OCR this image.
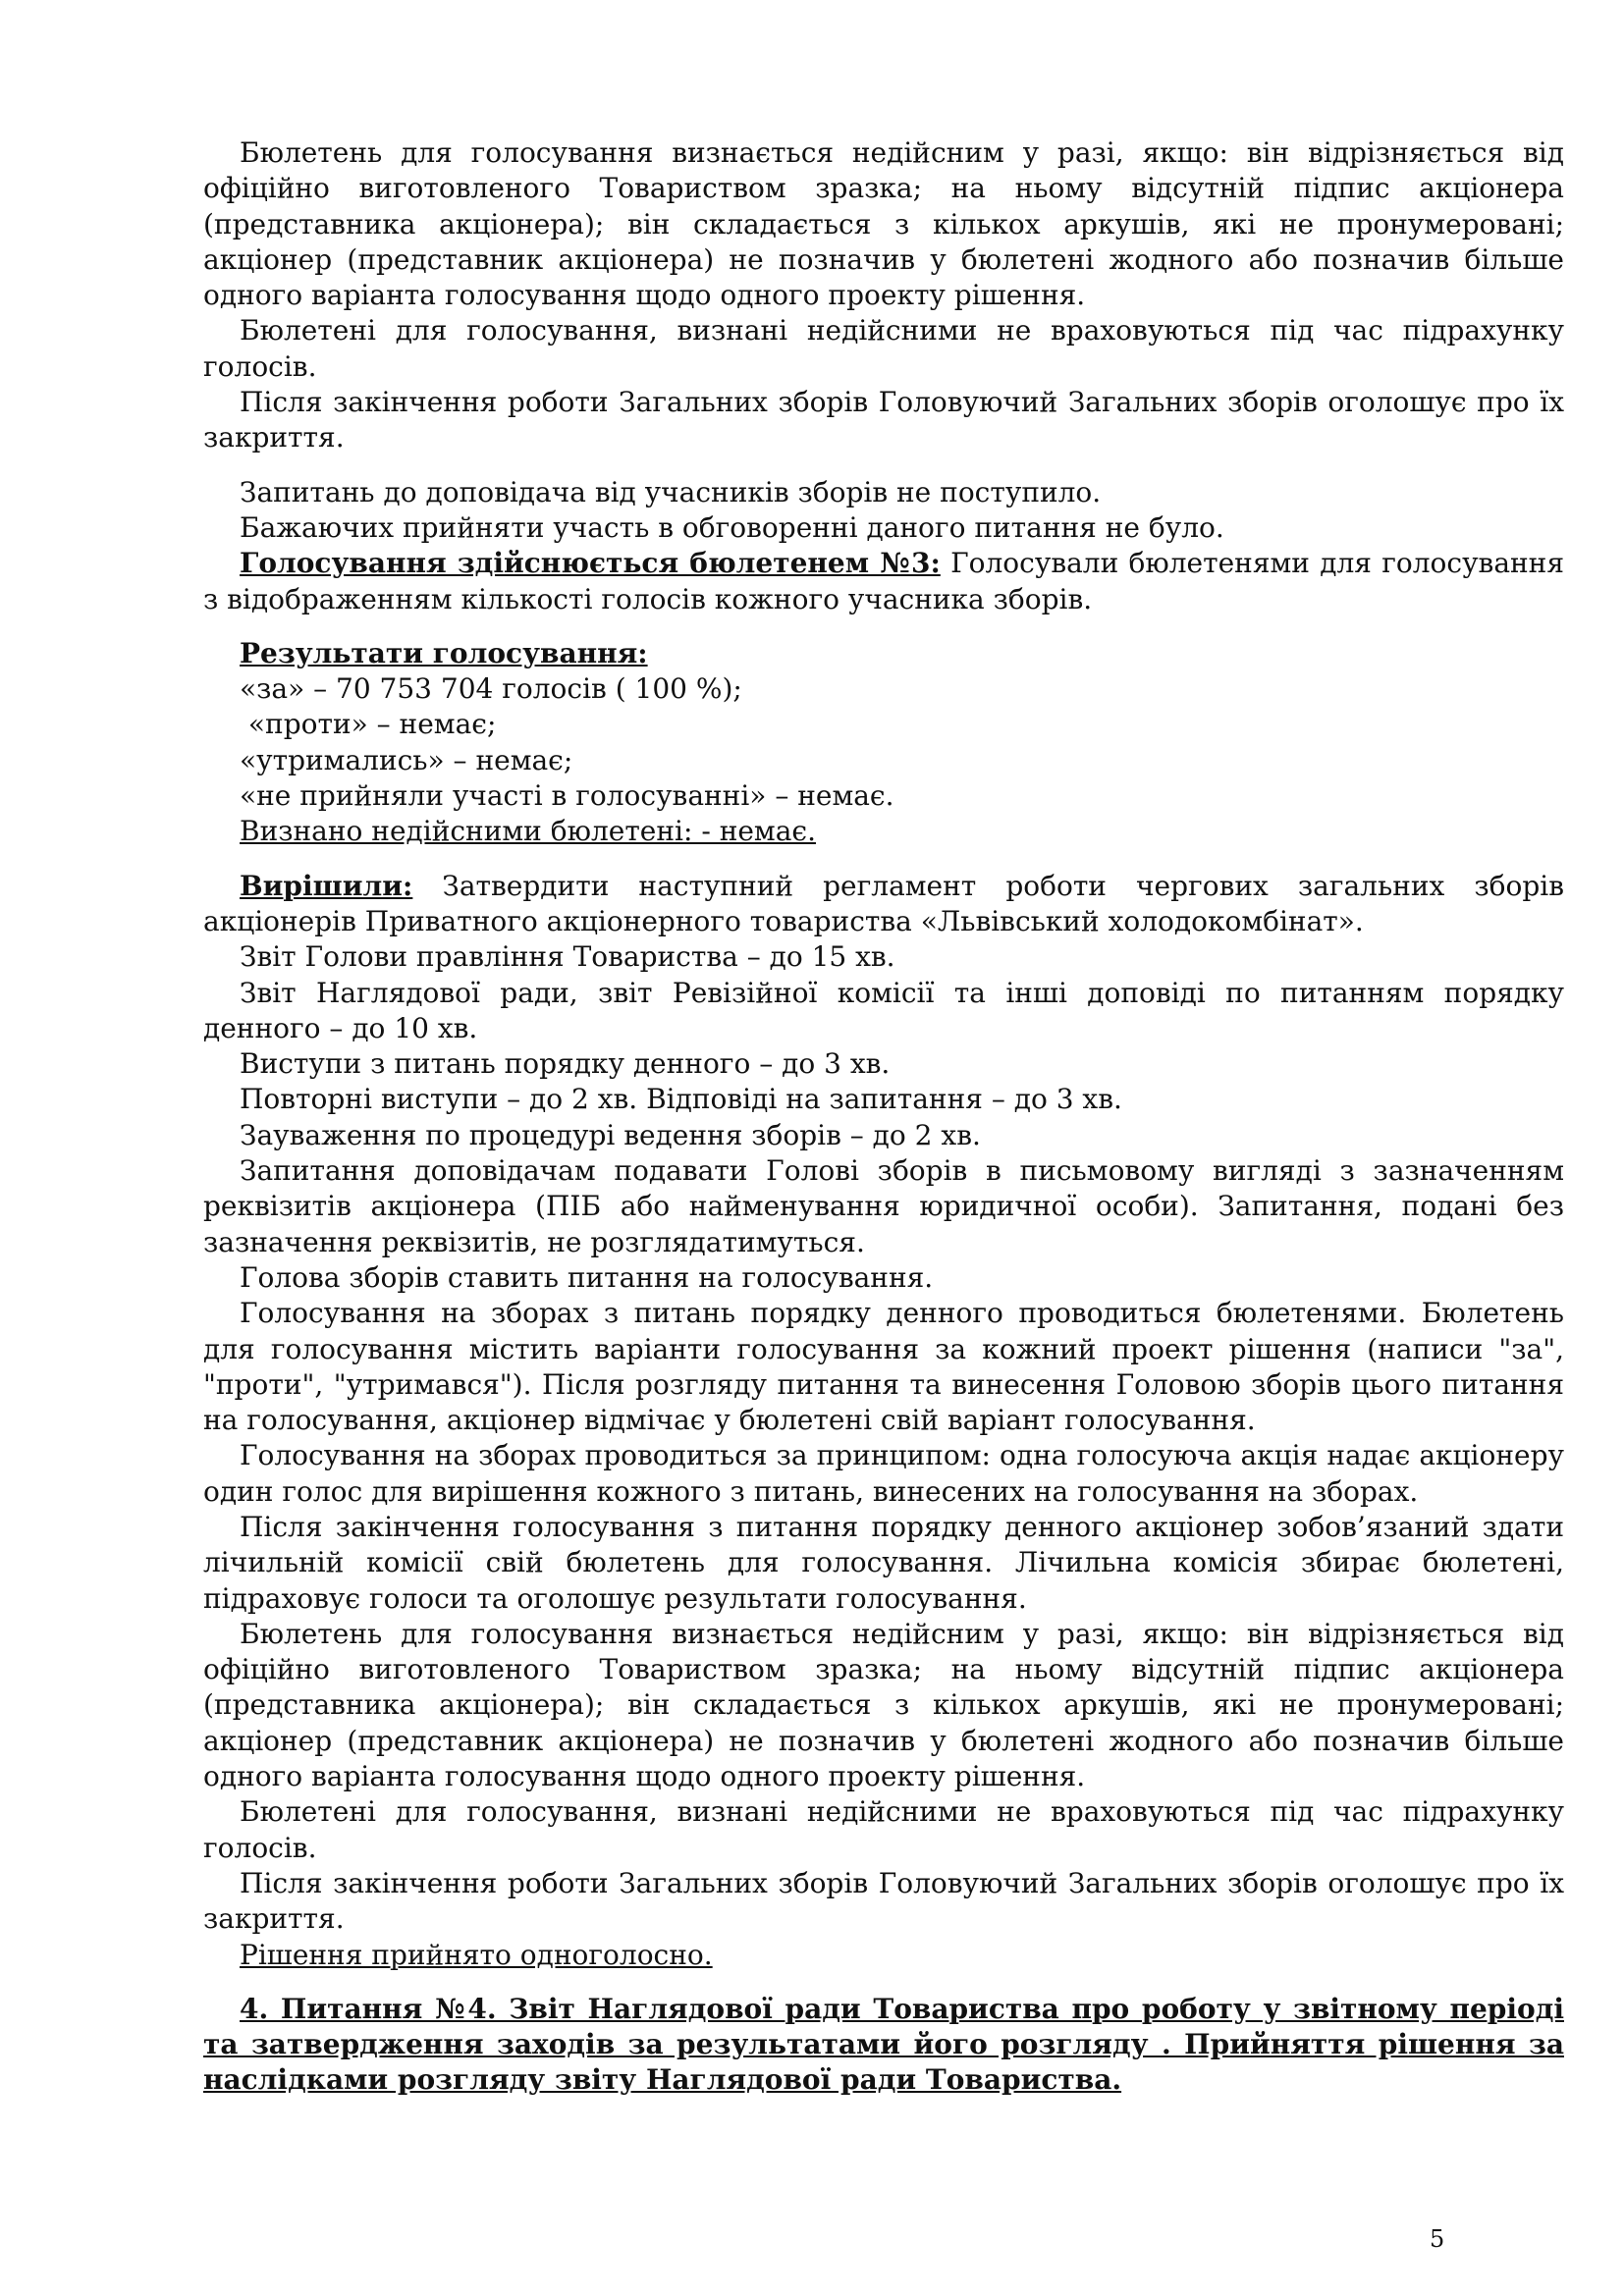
Бюлетень для голосування визнається недійсним у разі, якщо: він відрізняється від офіційно виготовленого Товариством зразка; на ньому відсутній підпис акціонера (представника акціонера); він складається з кількох аркушів, які не пронумеровані; акціонер (представник акціонера) не позначив у бюлетені жодного або позначив більше одного варіанта голосування щодо одного проекту рішення.

Бюлетені для голосування, визнані недійсними не враховуються під час підрахунку голосів.

Після закінчення роботи Загальних зборів Головуючий Загальних зборів оголошує про їх закриття.

Запитань до доповідача від учасників зборів не поступило.

Бажаючих прийняти участь в обговоренні даного питання не було.

Голосування здійснюється бюлетенем №3: Голосували бюлетенями для голосування з відображенням кількості голосів кожного учасника зборів.

Результати голосування:

«за» – 70 753 704 голосів ( 100 %);

«проти» – немає;

«утримались» – немає;

«не прийняли участі в голосуванні» – немає.

Визнано недійсними бюлетені: - немає.

Вирішили: Затвердити наступний регламент роботи чергових загальних зборів акціонерів Приватного акціонерного товариства «Львівський холодокомбінат».

Звіт Голови правління Товариства – до 15 хв.

Звіт Наглядової ради, звіт Ревізійної комісії та інші доповіді по питанням порядку денного – до 10 хв.

Виступи з питань порядку денного – до 3 хв.

Повторні виступи – до 2 хв. Відповіді на запитання – до 3 хв.

Зауваження по процедурі ведення зборів – до 2 хв.

Запитання доповідачам подавати Голові зборів в письмовому вигляді з зазначенням реквізитів акціонера (ПІБ або найменування юридичної особи). Запитання, подані без зазначення реквізитів, не розглядатимуться.

Голова зборів ставить питання на голосування.

Голосування на зборах з питань порядку денного проводиться бюлетенями. Бюлетень для голосування містить варіанти голосування за кожний проект рішення (написи "за", "проти", "утримався"). Після розгляду питання та винесення Головою зборів цього питання на голосування, акціонер відмічає у бюлетені свій варіант голосування.

Голосування на зборах проводиться за принципом: одна голосуюча акція надає акціонеру один голос для вирішення кожного з питань, винесених на голосування на зборах.

Після закінчення голосування з питання порядку денного акціонер зобов’язаний здати лічильній комісії свій бюлетень для голосування. Лічильна комісія збирає бюлетені, підраховує голоси та оголошує результати голосування.

Бюлетень для голосування визнається недійсним у разі, якщо: він відрізняється від офіційно виготовленого Товариством зразка; на ньому відсутній підпис акціонера (представника акціонера); він складається з кількох аркушів, які не пронумеровані; акціонер (представник акціонера) не позначив у бюлетені жодного або позначив більше одного варіанта голосування щодо одного проекту рішення.

Бюлетені для голосування, визнані недійсними не враховуються під час підрахунку голосів.

Після закінчення роботи Загальних зборів Головуючий Загальних зборів оголошує про їх закриття.

Рішення прийнято одноголосно.

4. Питання №4. Звіт Наглядової ради Товариства про роботу у звітному періоді та затвердження заходів за результатами його розгляду . Прийняття рішення за наслідками розгляду звіту Наглядової ради Товариства.

5
